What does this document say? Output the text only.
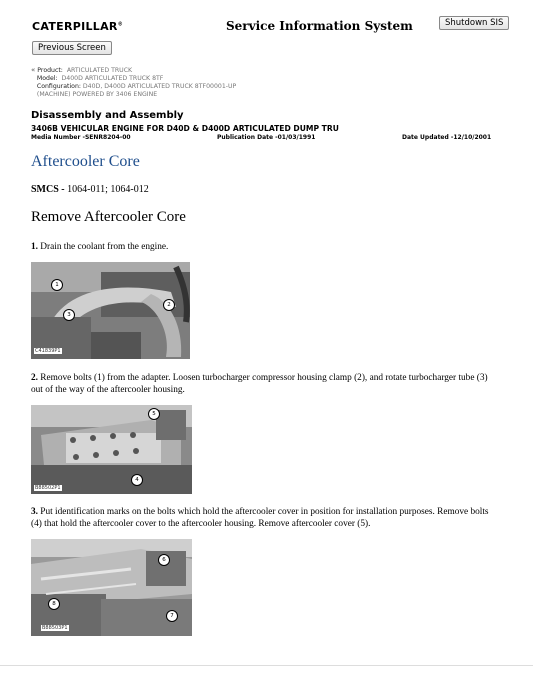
CATERPILLAR®	Service Information System	Shutdown SIS
Previous Screen
« Product: ARTICULATED TRUCK
Model: D400D ARTICULATED TRUCK 8TF
Configuration: D40D, D400D ARTICULATED TRUCK 8TF00001-UP
(MACHINE) POWERED BY 3406 ENGINE
Disassembly and Assembly
3406B VEHICULAR ENGINE FOR D40D & D400D ARTICULATED DUMP TRU
Media Number -SENR8204-00	Publication Date -01/03/1991	Date Updated -12/10/2001
Aftercooler Core
SMCS - 1064-011; 1064-012
Remove Aftercooler Core
1. Drain the coolant from the engine.
1
2
3
C41839P1
2. Remove bolts (1) from the adapter. Loosen turbocharger compressor housing clamp (2), and rotate turbocharger tube (3) out of the way of the aftercooler housing.
5
4
B88502P1
3. Put identification marks on the bolts which hold the aftercooler cover in position for installation purposes. Remove bolts (4) that hold the aftercooler cover to the aftercooler housing. Remove aftercooler cover (5).
6
8
7
B88503P1
